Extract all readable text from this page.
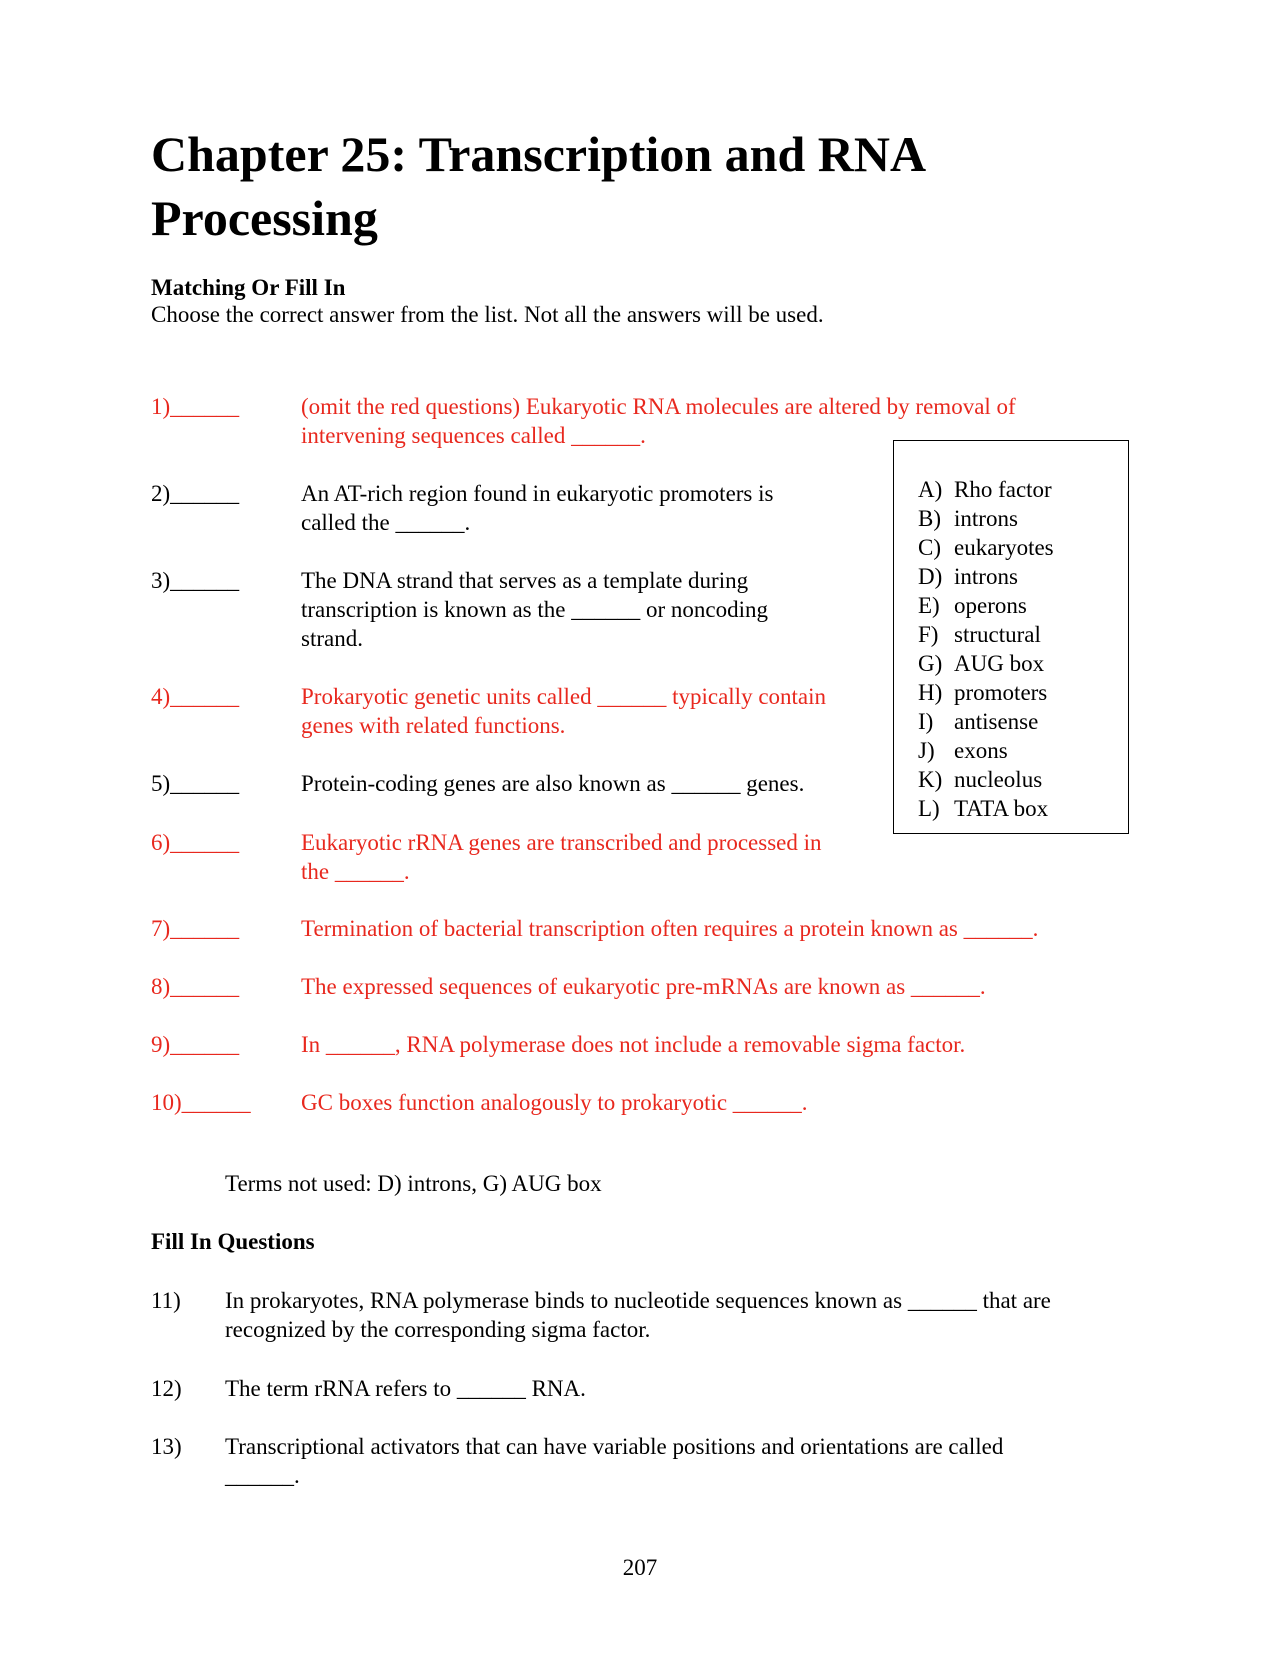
Chapter 25: Transcription and RNA
Processing
Matching Or Fill In
Choose the correct answer from the list. Not all the answers will be used.
1)______	(omit the red questions) Eukaryotic RNA molecules are altered by removal of
intervening sequences called ______.
2)______	An AT-rich region found in eukaryotic promoters is
called the ______.
3)______	The DNA strand that serves as a template during
transcription is known as the ______ or noncoding
strand.
4)______	Prokaryotic genetic units called ______ typically contain
genes with related functions.
5)______	Protein-coding genes are also known as ______ genes.
6)______	Eukaryotic rRNA genes are transcribed and processed in
the ______.
7)______	Termination of bacterial transcription often requires a protein known as ______.
8)______	The expressed sequences of eukaryotic pre-mRNAs are known as ______.
9)______	In ______, RNA polymerase does not include a removable sigma factor.
10)______ GC boxes function analogously to prokaryotic ______.
A) Rho factor
B) introns
C) eukaryotes
D) introns
E) operons
F) structural
G) AUG box
H) promoters
I) antisense
J) exons
K) nucleolus
L) TATA box
Terms not used: D) introns, G) AUG box
Fill In Questions
11) In prokaryotes, RNA polymerase binds to nucleotide sequences known as ______ that are
recognized by the corresponding sigma factor.
12) The term rRNA refers to ______ RNA.
13) Transcriptional activators that can have variable positions and orientations are called
______.
207
